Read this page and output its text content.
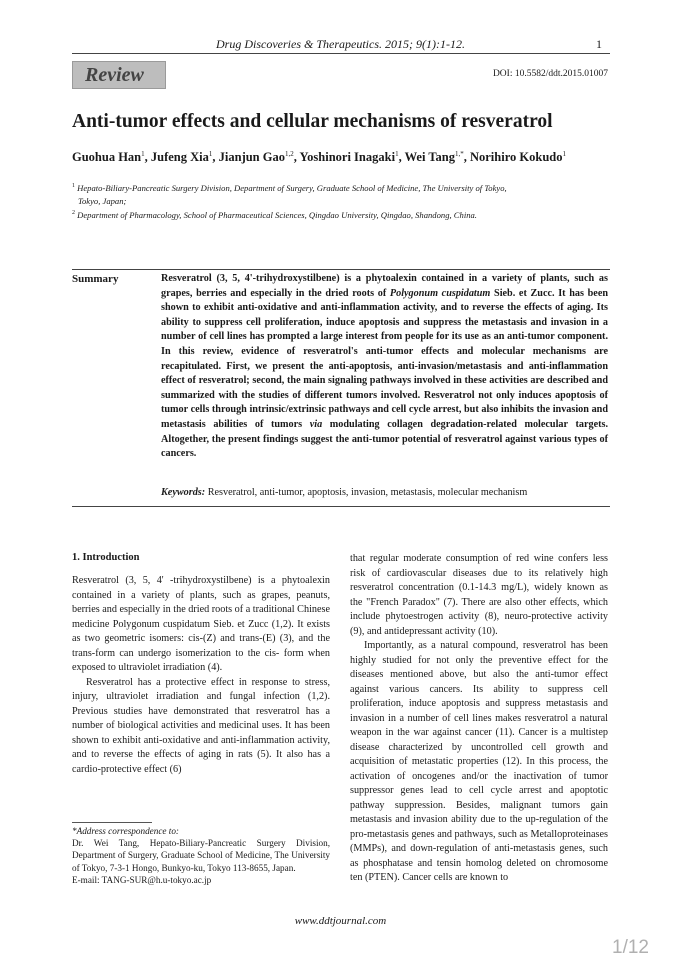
Drug Discoveries & Therapeutics. 2015; 9(1):1-12.	1
Review	DOI: 10.5582/ddt.2015.01007
Anti-tumor effects and cellular mechanisms of resveratrol
Guohua Han$^1$, Jufeng Xia$^1$, Jianjun Gao$^{1,2}$, Yoshinori Inagaki$^1$, Wei Tang$^{1,*}$, Norihiro Kokudo$^1$
$^1$ Hepato-Biliary-Pancreatic Surgery Division, Department of Surgery, Graduate School of Medicine, The University of Tokyo,
Tokyo, Japan;
$^2$ Department of Pharmacology, School of Pharmaceutical Sciences, Qingdao University, Qingdao, Shandong, China.
Summary	Resveratrol (3, 5, 4'-trihydroxystilbene) is a phytoalexin contained in a variety of plants, such as grapes, berries and especially in the dried roots of Polygonum cuspidatum Sieb. et Zucc. It has been shown to exhibit anti-oxidative and anti-inflammation activity, and to reverse the effects of aging. Its ability to suppress cell proliferation, induce apoptosis and suppress the metastasis and invasion in a number of cell lines has prompted a large interest from people for its use as an anti-tumor component. In this review, evidence of resveratrol's anti-tumor effects and molecular mechanisms are recapitulated. First, we present the anti-apoptosis, anti-invasion/metastasis and anti-inflammation effect of resveratrol; second, the main signaling pathways involved in these activities are described and summarized with the studies of different tumors involved. Resveratrol not only induces apoptosis of tumor cells through intrinsic/extrinsic pathways and cell cycle arrest, but also inhibits the invasion and metastasis abilities of tumors via modulating collagen degradation-related molecular targets. Altogether, the present findings suggest the anti-tumor potential of resveratrol against various types of cancers.
Keywords: Resveratrol, anti-tumor, apoptosis, invasion, metastasis, molecular mechanism
1. Introduction

Resveratrol (3, 5, 4' -trihydroxystilbene) is a phytoalexin contained in a variety of plants, such as grapes, peanuts, berries and especially in the dried roots of a traditional Chinese medicine Polygonum cuspidatum Sieb. et Zucc (1,2). It exists as two geometric isomers: cis-(Z) and trans-(E) (3), and the trans-form can undergo isomerization to the cis- form when exposed to ultraviolet irradiation (4).

Resveratrol has a protective effect in response to stress, injury, ultraviolet irradiation and fungal infection (1,2). Previous studies have demonstrated that resveratrol has a number of biological activities and medicinal uses. It has been shown to exhibit anti-oxidative and anti-inflammation activity, and to reverse the effects of aging in rats (5). It also has a cardio-protective effect (6)

that regular moderate consumption of red wine confers less risk of cardiovascular diseases due to its relatively high resveratrol concentration (0.1-14.3 mg/L), widely known as the "French Paradox" (7). There are also other effects, which include phytoestrogen activity (8), neuro-protective activity (9), and antidepressant activity (10).

Importantly, as a natural compound, resveratrol has been highly studied for not only the preventive effect for the diseases mentioned above, but also the anti-tumor effect against various cancers. Its ability to suppress cell proliferation, induce apoptosis and suppress metastasis and invasion in a number of cell lines makes resveratrol a natural weapon in the war against cancer (11). Cancer is a multistep disease characterized by uncontrolled cell growth and acquisition of metastatic properties (12). In this process, the activation of oncogenes and/or the inactivation of tumor suppressor genes lead to cell cycle arrest and apoptotic pathway suppression. Besides, malignant tumors gain metastasis and invasion ability due to the up-regulation of the pro-metastasis genes and pathways, such as Metalloproteinases (MMPs), and down-regulation of anti-metastasis genes, such as phosphatase and tensin homolog deleted on chromosome ten (PTEN). Cancer cells are known to

*Address correspondence to:
Dr. Wei Tang, Hepato-Biliary-Pancreatic Surgery Division, Department of Surgery, Graduate School of Medicine, The University of Tokyo, 7-3-1 Hongo, Bunkyo-ku, Tokyo 113-8655, Japan.
E-mail: TANG-SUR@h.u-tokyo.ac.jp
www.ddtjournal.com
1/12
